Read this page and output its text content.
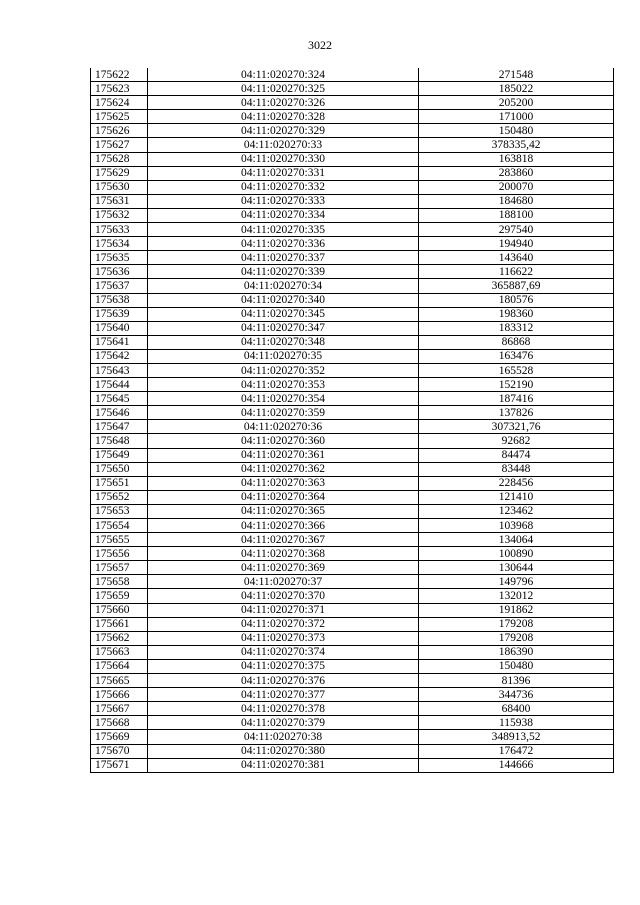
3022
175622	04:11:020270:324	271548
175623	04:11:020270:325	185022
175624	04:11:020270:326	205200
175625	04:11:020270:328	171000
175626	04:11:020270:329	150480
175627	04:11:020270:33	378335,42
175628	04:11:020270:330	163818
175629	04:11:020270:331	283860
175630	04:11:020270:332	200070
175631	04:11:020270:333	184680
175632	04:11:020270:334	188100
175633	04:11:020270:335	297540
175634	04:11:020270:336	194940
175635	04:11:020270:337	143640
175636	04:11:020270:339	116622
175637	04:11:020270:34	365887,69
175638	04:11:020270:340	180576
175639	04:11:020270:345	198360
175640	04:11:020270:347	183312
175641	04:11:020270:348	86868
175642	04:11:020270:35	163476
175643	04:11:020270:352	165528
175644	04:11:020270:353	152190
175645	04:11:020270:354	187416
175646	04:11:020270:359	137826
175647	04:11:020270:36	307321,76
175648	04:11:020270:360	92682
175649	04:11:020270:361	84474
175650	04:11:020270:362	83448
175651	04:11:020270:363	228456
175652	04:11:020270:364	121410
175653	04:11:020270:365	123462
175654	04:11:020270:366	103968
175655	04:11:020270:367	134064
175656	04:11:020270:368	100890
175657	04:11:020270:369	130644
175658	04:11:020270:37	149796
175659	04:11:020270:370	132012
175660	04:11:020270:371	191862
175661	04:11:020270:372	179208
175662	04:11:020270:373	179208
175663	04:11:020270:374	186390
175664	04:11:020270:375	150480
175665	04:11:020270:376	81396
175666	04:11:020270:377	344736
175667	04:11:020270:378	68400
175668	04:11:020270:379	115938
175669	04:11:020270:38	348913,52
175670	04:11:020270:380	176472
175671	04:11:020270:381	144666
